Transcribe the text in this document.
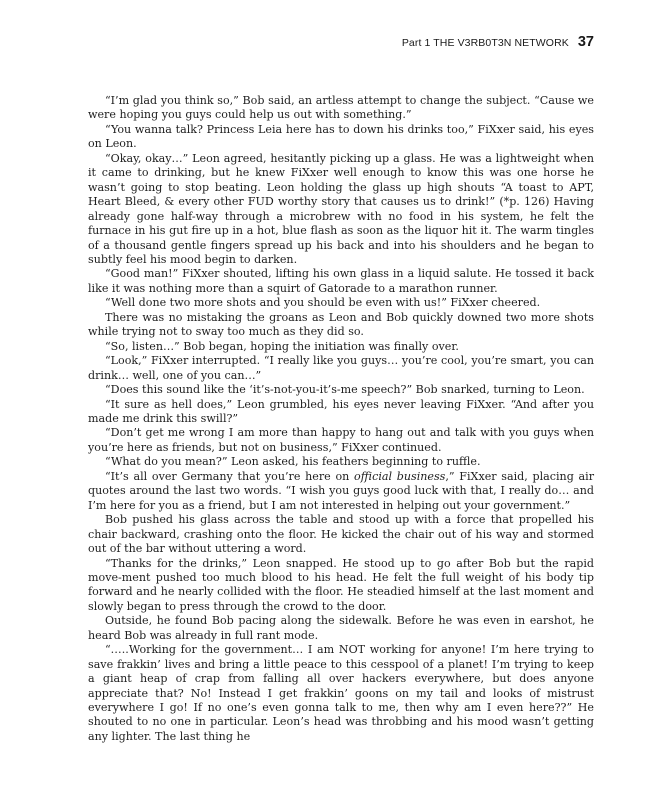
Part 1 THE V3RB0T3N NETWORK 37

“I’m glad you think so,” Bob said, an artless attempt to change the subject. “Cause we were hoping you guys could help us out with something.”

“You wanna talk? Princess Leia here has to down his drinks too,” FiXxer said, his eyes on Leon.

“Okay, okay…” Leon agreed, hesitantly picking up a glass. He was a lightweight when it came to drinking, but he knew FiXxer well enough to know this was one horse he wasn’t going to stop beating. Leon holding the glass up high shouts “A toast to APT, Heart Bleed, & every other FUD worthy story that causes us to drink!” (*p. 126) Having already gone half-way through a microbrew with no food in his system, he felt the furnace in his gut fire up in a hot, blue flash as soon as the liquor hit it. The warm tingles of a thousand gentle fingers spread up his back and into his shoulders and he began to subtly feel his mood begin to darken.

“Good man!” FiXxer shouted, lifting his own glass in a liquid salute. He tossed it back like it was nothing more than a squirt of Gatorade to a marathon runner.

“Well done two more shots and you should be even with us!” FiXxer cheered.

There was no mistaking the groans as Leon and Bob quickly downed two more shots while trying not to sway too much as they did so.

“So, listen…” Bob began, hoping the initiation was finally over.

“Look,” FiXxer interrupted. “I really like you guys… you’re cool, you’re smart, you can drink… well, one of you can…”

“Does this sound like the ‘it’s-not-you-it’s-me speech?” Bob snarked, turning to Leon.

“It sure as hell does,” Leon grumbled, his eyes never leaving FiXxer. “And after you made me drink this swill?”

“Don’t get me wrong I am more than happy to hang out and talk with you guys when you’re here as friends, but not on business,” FiXxer continued.

“What do you mean?” Leon asked, his feathers beginning to ruffle.

“It’s all over Germany that you’re here on official business,” FiXxer said, placing air quotes around the last two words. “I wish you guys good luck with that, I really do… and I’m here for you as a friend, but I am not interested in helping out your government.”

Bob pushed his glass across the table and stood up with a force that propelled his chair backward, crashing onto the floor. He kicked the chair out of his way and stormed out of the bar without uttering a word.

“Thanks for the drinks,” Leon snapped. He stood up to go after Bob but the rapid move-ment pushed too much blood to his head. He felt the full weight of his body tip forward and he nearly collided with the floor. He steadied himself at the last moment and slowly began to press through the crowd to the door.

Outside, he found Bob pacing along the sidewalk. Before he was even in earshot, he heard Bob was already in full rant mode.

“.….Working for the government… I am NOT working for anyone! I’m here trying to save frakkin’ lives and bring a little peace to this cesspool of a planet! I’m trying to keep a giant heap of crap from falling all over hackers everywhere, but does anyone appreciate that? No! Instead I get frakkin’ goons on my tail and looks of mistrust everywhere I go! If no one’s even gonna talk to me, then why am I even here??” He shouted to no one in particular. Leon’s head was throbbing and his mood wasn’t getting any lighter. The last thing he
